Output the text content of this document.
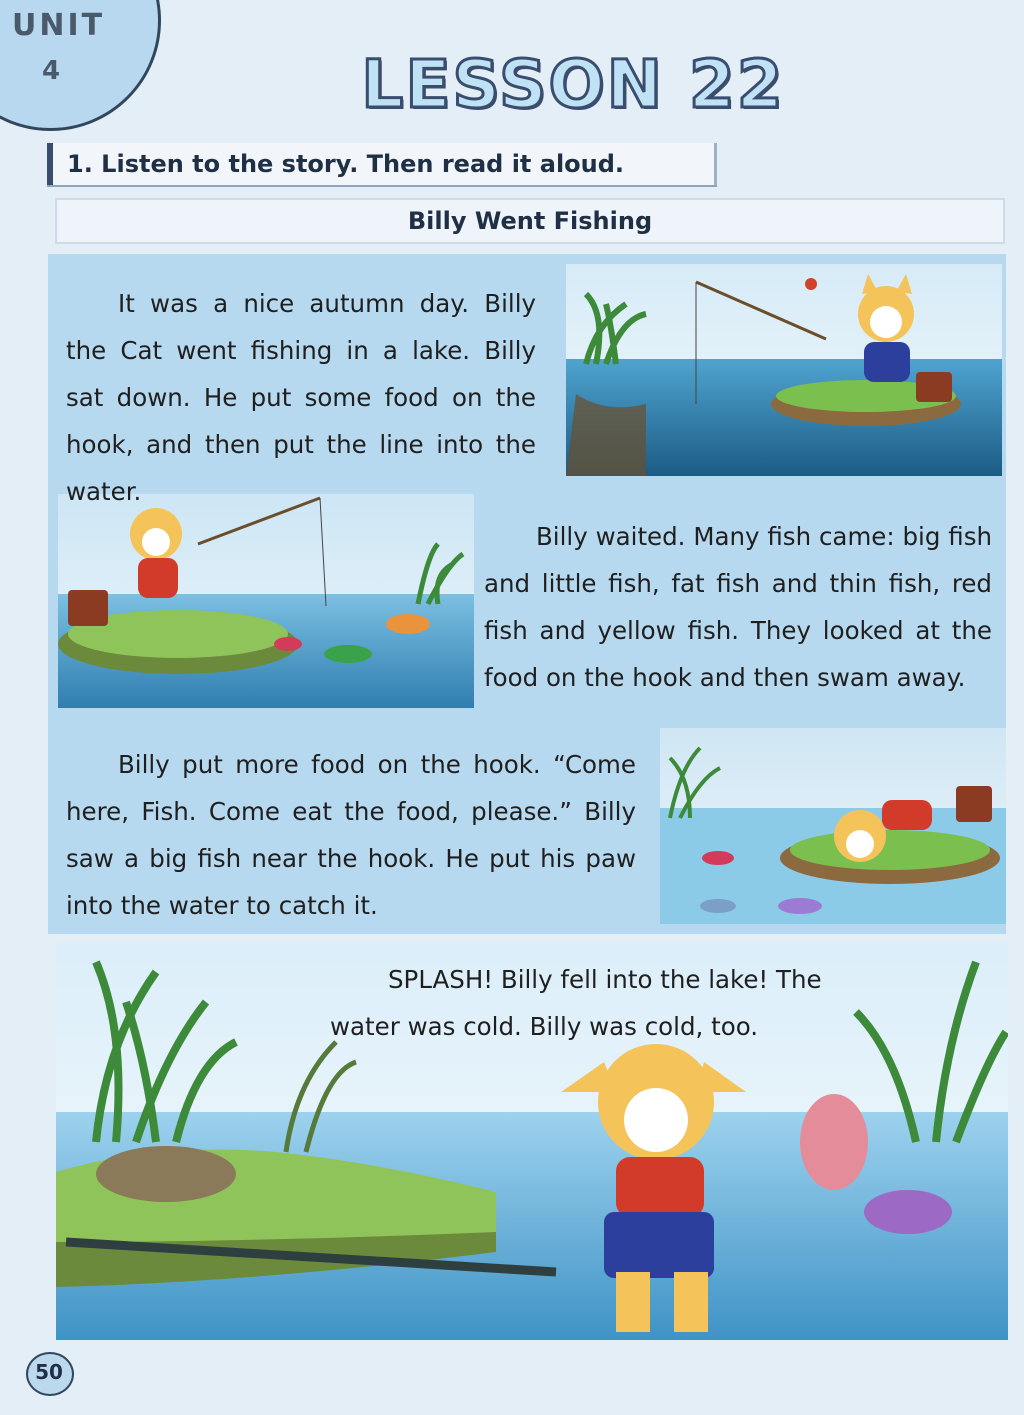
UNIT
4	LESSON 22
1. Listen to the story. Then read it aloud.
Billy Went Fishing

It was a nice autumn day. Billy the Cat went fishing in a lake. Billy sat down. He put some food on the hook, and then put the line into the water.

Billy waited. Many fish came: big fish and little fish, fat fish and thin fish, red fish and yellow fish. They looked at the food on the hook and then swam away.

Billy put more food on the hook. “Come here, Fish. Come eat the food, please.” Billy saw a big fish near the hook. He put his paw into the water to catch it.

SPLASH! Billy fell into the lake! The
water was cold. Billy was cold, too.

50
